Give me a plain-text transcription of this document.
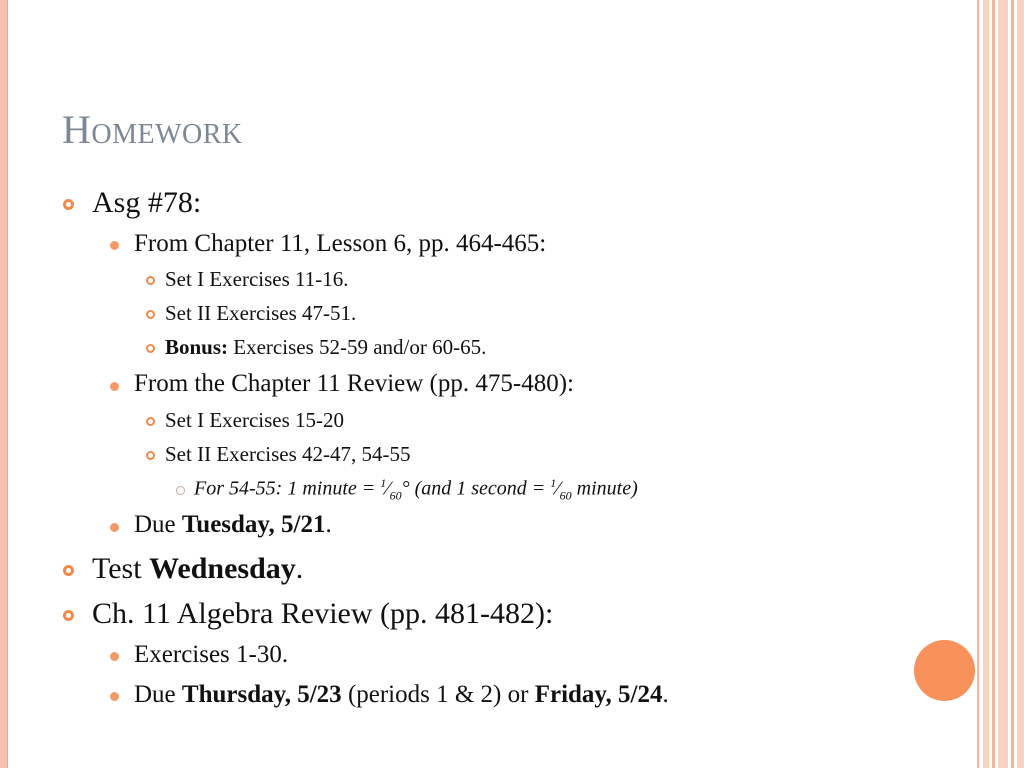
Homework
Asg #78:
From Chapter 11, Lesson 6, pp. 464-465:
Set I Exercises 11-16.
Set II Exercises 47-51.
Bonus: Exercises 52-59 and/or 60-65.
From the Chapter 11 Review (pp. 475-480):
Set I Exercises 15-20
Set II Exercises 42-47, 54-55
For 54-55: 1 minute = $^1⁄_{60}^\circ$ (and 1 second = $^1⁄_{60}$ minute)
Due Tuesday, 5/21.
Test Wednesday.
Ch. 11 Algebra Review (pp. 481-482):
Exercises 1-30.
Due Thursday, 5/23 (periods 1 & 2) or Friday, 5/24.
